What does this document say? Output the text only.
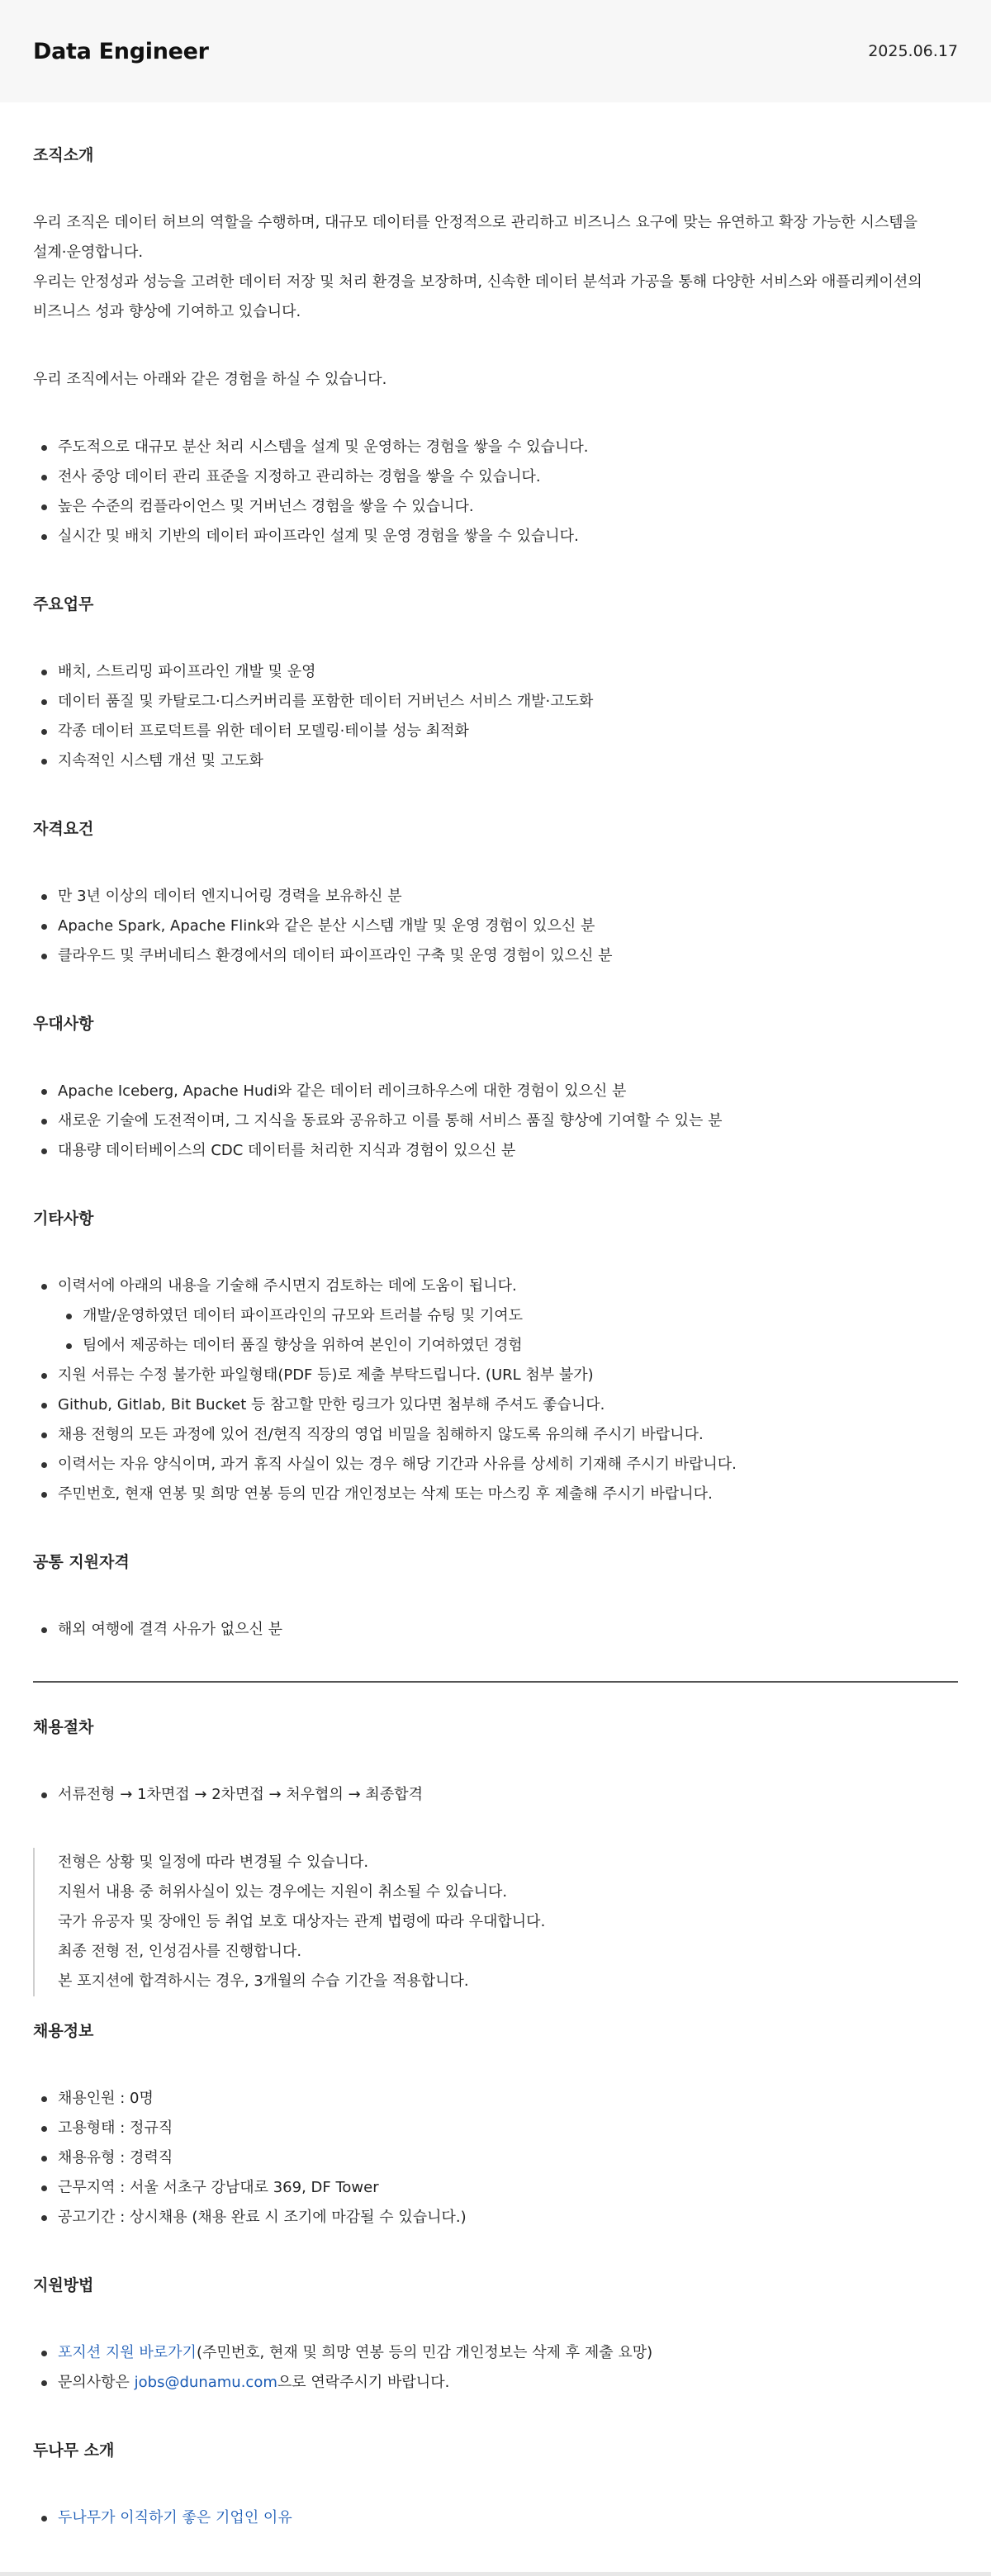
Data Engineer	2025.06.17
조직소개

우리 조직은 데이터 허브의 역할을 수행하며, 대규모 데이터를 안정적으로 관리하고 비즈니스 요구에 맞는 유연하고 확장 가능한 시스템을

설계·운영합니다.

우리는 안정성과 성능을 고려한 데이터 저장 및 처리 환경을 보장하며, 신속한 데이터 분석과 가공을 통해 다양한 서비스와 애플리케이션의

비즈니스 성과 향상에 기여하고 있습니다.

우리 조직에서는 아래와 같은 경험을 하실 수 있습니다.

주도적으로 대규모 분산 처리 시스템을 설계 및 운영하는 경험을 쌓을 수 있습니다.
전사 중앙 데이터 관리 표준을 지정하고 관리하는 경험을 쌓을 수 있습니다.
높은 수준의 컴플라이언스 및 거버넌스 경험을 쌓을 수 있습니다.
실시간 및 배치 기반의 데이터 파이프라인 설계 및 운영 경험을 쌓을 수 있습니다.
주요업무
배치, 스트리밍 파이프라인 개발 및 운영
데이터 품질 및 카탈로그·디스커버리를 포함한 데이터 거버넌스 서비스 개발·고도화
각종 데이터 프로덕트를 위한 데이터 모델링·테이블 성능 최적화
지속적인 시스템 개선 및 고도화
자격요건
만 3년 이상의 데이터 엔지니어링 경력을 보유하신 분
Apache Spark, Apache Flink와 같은 분산 시스템 개발 및 운영 경험이 있으신 분
클라우드 및 쿠버네티스 환경에서의 데이터 파이프라인 구축 및 운영 경험이 있으신 분
우대사항
Apache Iceberg, Apache Hudi와 같은 데이터 레이크하우스에 대한 경험이 있으신 분
새로운 기술에 도전적이며, 그 지식을 동료와 공유하고 이를 통해 서비스 품질 향상에 기여할 수 있는 분
대용량 데이터베이스의 CDC 데이터를 처리한 지식과 경험이 있으신 분
기타사항
이력서에 아래의 내용을 기술해 주시면지 검토하는 데에 도움이 됩니다.
개발/운영하였던 데이터 파이프라인의 규모와 트러블 슈팅 및 기여도
팀에서 제공하는 데이터 품질 향상을 위하여 본인이 기여하였던 경험
지원 서류는 수정 불가한 파일형태(PDF 등)로 제출 부탁드립니다. (URL 첨부 불가)
Github, Gitlab, Bit Bucket 등 참고할 만한 링크가 있다면 첨부해 주셔도 좋습니다.
채용 전형의 모든 과정에 있어 전/현직 직장의 영업 비밀을 침해하지 않도록 유의해 주시기 바랍니다.
이력서는 자유 양식이며, 과거 휴직 사실이 있는 경우 해당 기간과 사유를 상세히 기재해 주시기 바랍니다.
주민번호, 현재 연봉 및 희망 연봉 등의 민감 개인정보는 삭제 또는 마스킹 후 제출해 주시기 바랍니다.
공통 지원자격
해외 여행에 결격 사유가 없으신 분
채용절차
서류전형 → 1차면접 → 2차면접 → 처우협의 → 최종합격
전형은 상황 및 일정에 따라 변경될 수 있습니다.
지원서 내용 중 허위사실이 있는 경우에는 지원이 취소될 수 있습니다.
국가 유공자 및 장애인 등 취업 보호 대상자는 관계 법령에 따라 우대합니다.
최종 전형 전, 인성검사를 진행합니다.
본 포지션에 합격하시는 경우, 3개월의 수습 기간을 적용합니다.
채용정보
채용인원 : 0명
고용형태 : 정규직
채용유형 : 경력직
근무지역 : 서울 서초구 강남대로 369, DF Tower
공고기간 : 상시채용 (채용 완료 시 조기에 마감될 수 있습니다.)
지원방법
포지션 지원 바로가기(주민번호, 현재 및 희망 연봉 등의 민감 개인정보는 삭제 후 제출 요망)
문의사항은 jobs@dunamu.com으로 연락주시기 바랍니다.
두나무 소개
두나무가 이직하기 좋은 기업인 이유
